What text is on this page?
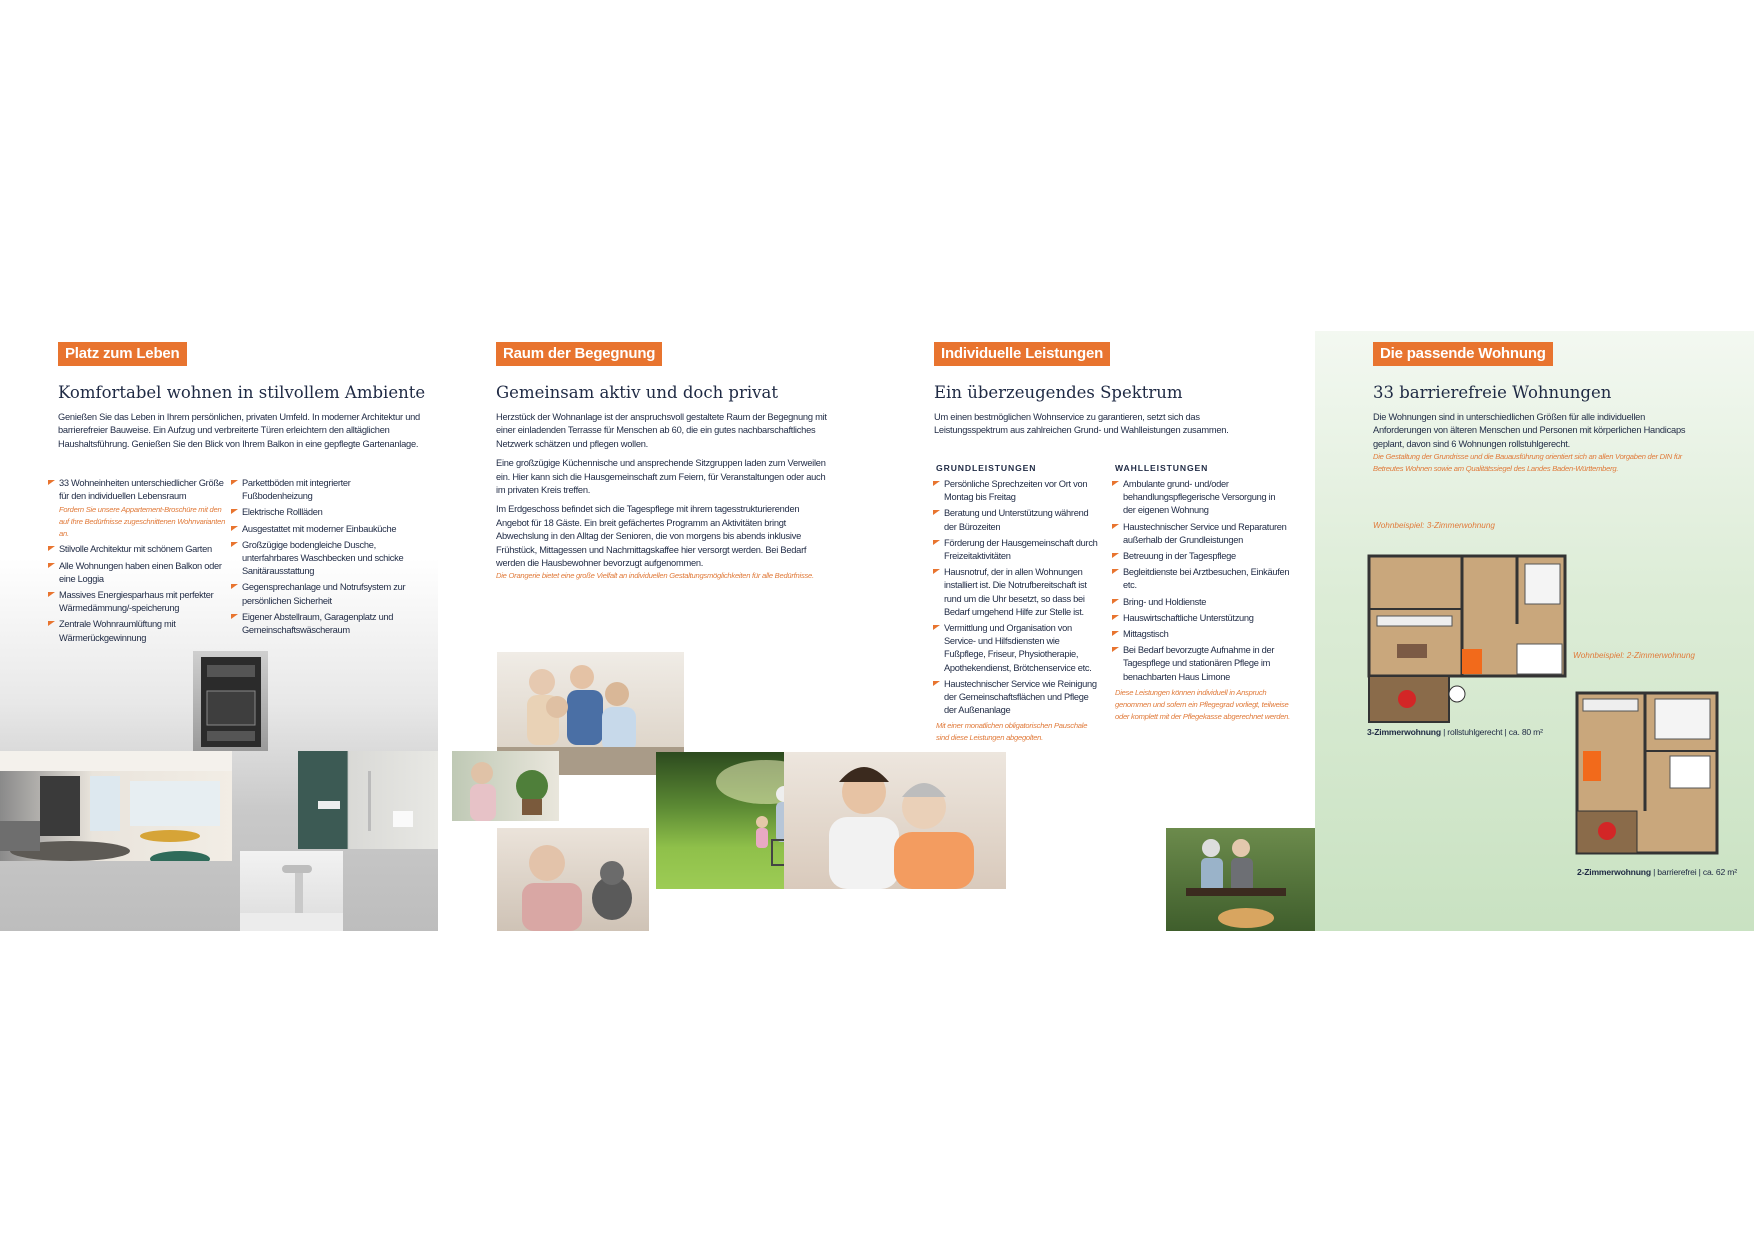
Platz zum Leben
Komfortabel wohnen in stilvollem Ambiente
Genießen Sie das Leben in Ihrem persönlichen, privaten Umfeld. In moderner Architektur und barrierefreier Bauweise. Ein Aufzug und verbreiterte Türen erleichtern den alltäglichen Haushaltsführung. Genießen Sie den Blick von Ihrem Balkon in eine gepflegte Gartenanlage.
33 Wohneinheiten unterschiedlicher Größe für den individuellen Lebensraum
Fordern Sie unsere Appartement-Broschüre mit den auf Ihre Bedürfnisse zugeschnittenen Wohnvarianten an.
Stilvolle Architektur mit schönem Garten
Alle Wohnungen haben einen Balkon oder eine Loggia
Massives Energiesparhaus mit perfekter Wärmedämmung/-speicherung
Zentrale Wohnraumlüftung mit Wärmerückgewinnung
Parkettböden mit integrierter Fußbodenheizung
Elektrische Rollläden
Ausgestattet mit moderner Einbauküche
Großzügige bodengleiche Dusche, unterfahrbares Waschbecken und schicke Sanitärausstattung
Gegensprechanlage und Notrufsystem zur persönlichen Sicherheit
Eigener Abstellraum, Garagenplatz und Gemeinschaftswäscheraum
Raum der Begegnung
Gemeinsam aktiv und doch privat

Herzstück der Wohnanlage ist der anspruchsvoll gestaltete Raum der Begegnung mit einer einladenden Terrasse für Menschen ab 60, die ein gutes nachbarschaftliches Netzwerk schätzen und pflegen wollen.

Eine großzügige Küchennische und ansprechende Sitzgruppen laden zum Verweilen ein. Hier kann sich die Hausgemeinschaft zum Feiern, für Veranstaltungen oder auch im privaten Kreis treffen.

Im Erdgeschoss befindet sich die Tagespflege mit ihrem tagesstrukturierenden Angebot für 18 Gäste. Ein breit gefächertes Programm an Aktivitäten bringt Abwechslung in den Alltag der Senioren, die von morgens bis abends inklusive Frühstück, Mittagessen und Nachmittagskaffee hier versorgt werden. Bei Bedarf werden die Hausbewohner bevorzugt aufgenommen.

Die Orangerie bietet eine große Vielfalt an individuellen Gestaltungsmöglichkeiten für alle Bedürfnisse.
Individuelle Leistungen
Ein überzeugendes Spektrum
Um einen bestmöglichen Wohnservice zu garantieren, setzt sich das Leistungsspektrum aus zahlreichen Grund- und Wahlleistungen zusammen.
GRUNDLEISTUNGEN
Persönliche Sprechzeiten vor Ort von Montag bis Freitag
Beratung und Unterstützung während der Bürozeiten
Förderung der Hausgemeinschaft durch Freizeitaktivitäten
Hausnotruf, der in allen Wohnungen installiert ist. Die Notrufbereitschaft ist rund um die Uhr besetzt, so dass bei Bedarf umgehend Hilfe zur Stelle ist.
Vermittlung und Organisation von Service- und Hilfsdiensten wie Fußpflege, Friseur, Physiotherapie, Apothekendienst, Brötchenservice etc.
Haustechnischer Service wie Reinigung der Gemeinschaftsflächen und Pflege der Außenanlage
Mit einer monatlichen obligatorischen Pauschale sind diese Leistungen abgegolten.
WAHLLEISTUNGEN
Ambulante grund- und/oder behandlungspflegerische Versorgung in der eigenen Wohnung
Haustechnischer Service und Reparaturen außerhalb der Grundleistungen
Betreuung in der Tagespflege
Begleitdienste bei Arztbesuchen, Einkäufen etc.
Bring- und Holdienste
Hauswirtschaftliche Unterstützung
Mittagstisch
Bei Bedarf bevorzugte Aufnahme in der Tagespflege und stationären Pflege im benachbarten Haus Limone
Diese Leistungen können individuell in Anspruch genommen und sofern ein Pflegegrad vorliegt, teilweise oder komplett mit der Pflegekasse abgerechnet werden.
Die passende Wohnung
33 barrierefreie Wohnungen
Die Wohnungen sind in unterschiedlichen Größen für alle individuellen Anforderungen von älteren Menschen und Personen mit körperlichen Handicaps geplant, davon sind 6 Wohnungen rollstuhlgerecht.
Die Gestaltung der Grundrisse und die Bauausführung orientiert sich an allen Vorgaben der DIN für Betreutes Wohnen sowie am Qualitätssiegel des Landes Baden-Württemberg.
Wohnbeispiel: 3-Zimmerwohnung
3-Zimmerwohnung | rollstuhlgerecht | ca. 80 m²
Wohnbeispiel: 2-Zimmerwohnung
2-Zimmerwohnung | barrierefrei | ca. 62 m²
